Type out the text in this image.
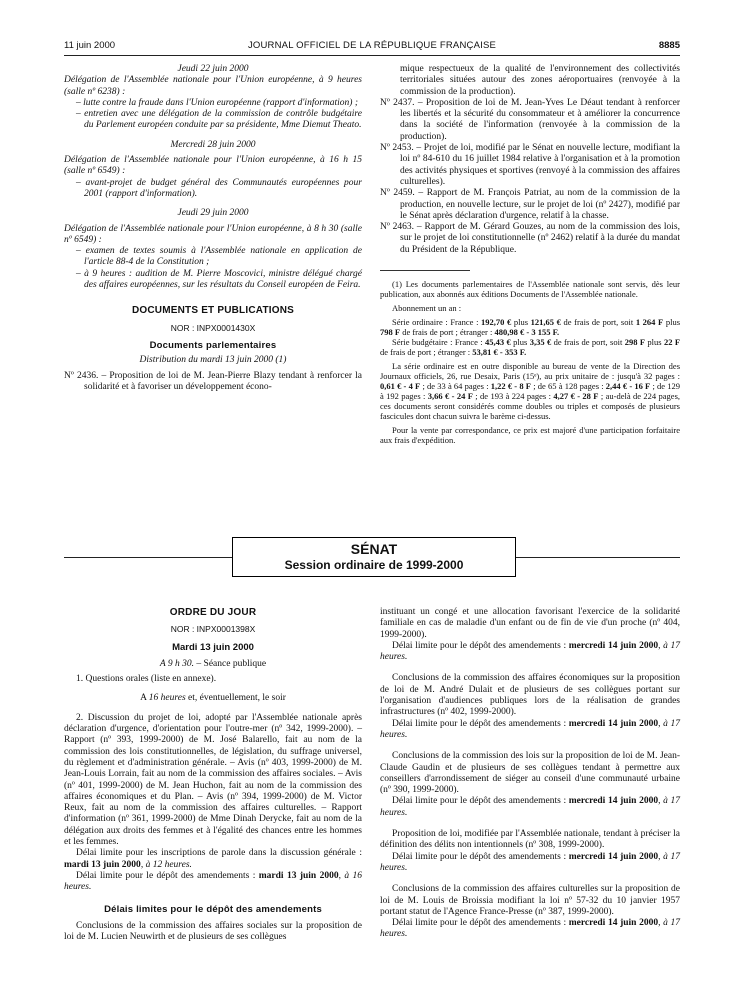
11 juin 2000	JOURNAL OFFICIEL DE LA RÉPUBLIQUE FRANÇAISE	8885

Jeudi 22 juin 2000

Délégation de l'Assemblée nationale pour l'Union européenne, à 9 heures (salle nº 6238) :

– lutte contre la fraude dans l'Union européenne (rapport d'information) ;

– entretien avec une délégation de la commission de contrôle budgétaire du Parlement européen conduite par sa présidente, Mme Diemut Theato.

Mercredi 28 juin 2000

Délégation de l'Assemblée nationale pour l'Union européenne, à 16 h 15 (salle nº 6549) :

– avant-projet de budget général des Communautés européennes pour 2001 (rapport d'information).

Jeudi 29 juin 2000

Délégation de l'Assemblée nationale pour l'Union européenne, à 8 h 30 (salle nº 6549) :

– examen de textes soumis à l'Assemblée nationale en application de l'article 88-4 de la Constitution ;

– à 9 heures : audition de M. Pierre Moscovici, ministre délégué chargé des affaires européennes, sur les résultats du Conseil européen de Feira.

DOCUMENTS ET PUBLICATIONS

NOR : INPX0001430X

Documents parlementaires

Distribution du mardi 13 juin 2000 (1)

Nº 2436. – Proposition de loi de M. Jean-Pierre Blazy tendant à renforcer la solidarité et à favoriser un développement écono-

mique respectueux de la qualité de l'environnement des collectivités territoriales situées autour des zones aéroportuaires (renvoyée à la commission de la production).

Nº 2437. – Proposition de loi de M. Jean-Yves Le Déaut tendant à renforcer les libertés et la sécurité du consommateur et à améliorer la concurrence dans la société de l'information (renvoyée à la commission de la production).

Nº 2453. – Projet de loi, modifié par le Sénat en nouvelle lecture, modifiant la loi nº 84-610 du 16 juillet 1984 relative à l'organisation et à la promotion des activités physiques et sportives (renvoyé à la commission des affaires culturelles).

Nº 2459. – Rapport de M. François Patriat, au nom de la commission de la production, en nouvelle lecture, sur le projet de loi (nº 2427), modifié par le Sénat après déclaration d'urgence, relatif à la chasse.

Nº 2463. – Rapport de M. Gérard Gouzes, au nom de la commission des lois, sur le projet de loi constitutionnelle (nº 2462) relatif à la durée du mandat du Président de la République.

(1) Les documents parlementaires de l'Assemblée nationale sont servis, dès leur publication, aux abonnés aux éditions Documents de l'Assemblée nationale.

Abonnement un an :

Série ordinaire : France : 192,70 € plus 121,65 € de frais de port, soit 1 264 F plus 798 F de frais de port ; étranger : 480,98 € - 3 155 F.

Série budgétaire : France : 45,43 € plus 3,35 € de frais de port, soit 298 F plus 22 F de frais de port ; étranger : 53,81 € - 353 F.

La série ordinaire est en outre disponible au bureau de vente de la Direction des Journaux officiels, 26, rue Desaix, Paris (15ᵉ), au prix unitaire de : jusqu'à 32 pages : 0,61 € - 4 F ; de 33 à 64 pages : 1,22 € - 8 F ; de 65 à 128 pages : 2,44 € - 16 F ; de 129 à 192 pages : 3,66 € - 24 F ; de 193 à 224 pages : 4,27 € - 28 F ; au-delà de 224 pages, ces documents seront considérés comme doubles ou triples et composés de plusieurs fascicules dont chacun suivra le barème ci-dessus.

Pour la vente par correspondance, ce prix est majoré d'une participation forfaitaire aux frais d'expédition.

SÉNAT
Session ordinaire de 1999-2000

ORDRE DU JOUR

NOR : INPX0001398X

Mardi 13 juin 2000

A 9 h 30. – Séance publique

1. Questions orales (liste en annexe).

A 16 heures et, éventuellement, le soir

2. Discussion du projet de loi, adopté par l'Assemblée nationale après déclaration d'urgence, d'orientation pour l'outre-mer (nº 342, 1999-2000). – Rapport (nº 393, 1999-2000) de M. José Balarello, fait au nom de la commission des lois constitutionnelles, de législation, du suffrage universel, du règlement et d'administration générale. – Avis (nº 403, 1999-2000) de M. Jean-Louis Lorrain, fait au nom de la commission des affaires sociales. – Avis (nº 401, 1999-2000) de M. Jean Huchon, fait au nom de la commission des affaires économiques et du Plan. – Avis (nº 394, 1999-2000) de M. Victor Reux, fait au nom de la commission des affaires culturelles. – Rapport d'information (nº 361, 1999-2000) de Mme Dinah Derycke, fait au nom de la délégation aux droits des femmes et à l'égalité des chances entre les hommes et les femmes.

Délai limite pour les inscriptions de parole dans la discussion générale : mardi 13 juin 2000, à 12 heures.

Délai limite pour le dépôt des amendements : mardi 13 juin 2000, à 16 heures.

Délais limites pour le dépôt des amendements

Conclusions de la commission des affaires sociales sur la proposition de loi de M. Lucien Neuwirth et de plusieurs de ses collègues

instituant un congé et une allocation favorisant l'exercice de la solidarité familiale en cas de maladie d'un enfant ou de fin de vie d'un proche (nº 404, 1999-2000).

Délai limite pour le dépôt des amendements : mercredi 14 juin 2000, à 17 heures.

Conclusions de la commission des affaires économiques sur la proposition de loi de M. André Dulait et de plusieurs de ses collègues portant sur l'organisation d'audiences publiques lors de la réalisation de grandes infrastructures (nº 402, 1999-2000).

Délai limite pour le dépôt des amendements : mercredi 14 juin 2000, à 17 heures.

Conclusions de la commission des lois sur la proposition de loi de M. Jean-Claude Gaudin et de plusieurs de ses collègues tendant à permettre aux conseillers d'arrondissement de siéger au conseil d'une communauté urbaine (nº 390, 1999-2000).

Délai limite pour le dépôt des amendements : mercredi 14 juin 2000, à 17 heures.

Proposition de loi, modifiée par l'Assemblée nationale, tendant à préciser la définition des délits non intentionnels (nº 308, 1999-2000).

Délai limite pour le dépôt des amendements : mercredi 14 juin 2000, à 17 heures.

Conclusions de la commission des affaires culturelles sur la proposition de loi de M. Louis de Broissia modifiant la loi nº 57-32 du 10 janvier 1957 portant statut de l'Agence France-Presse (nº 387, 1999-2000).

Délai limite pour le dépôt des amendements : mercredi 14 juin 2000, à 17 heures.
